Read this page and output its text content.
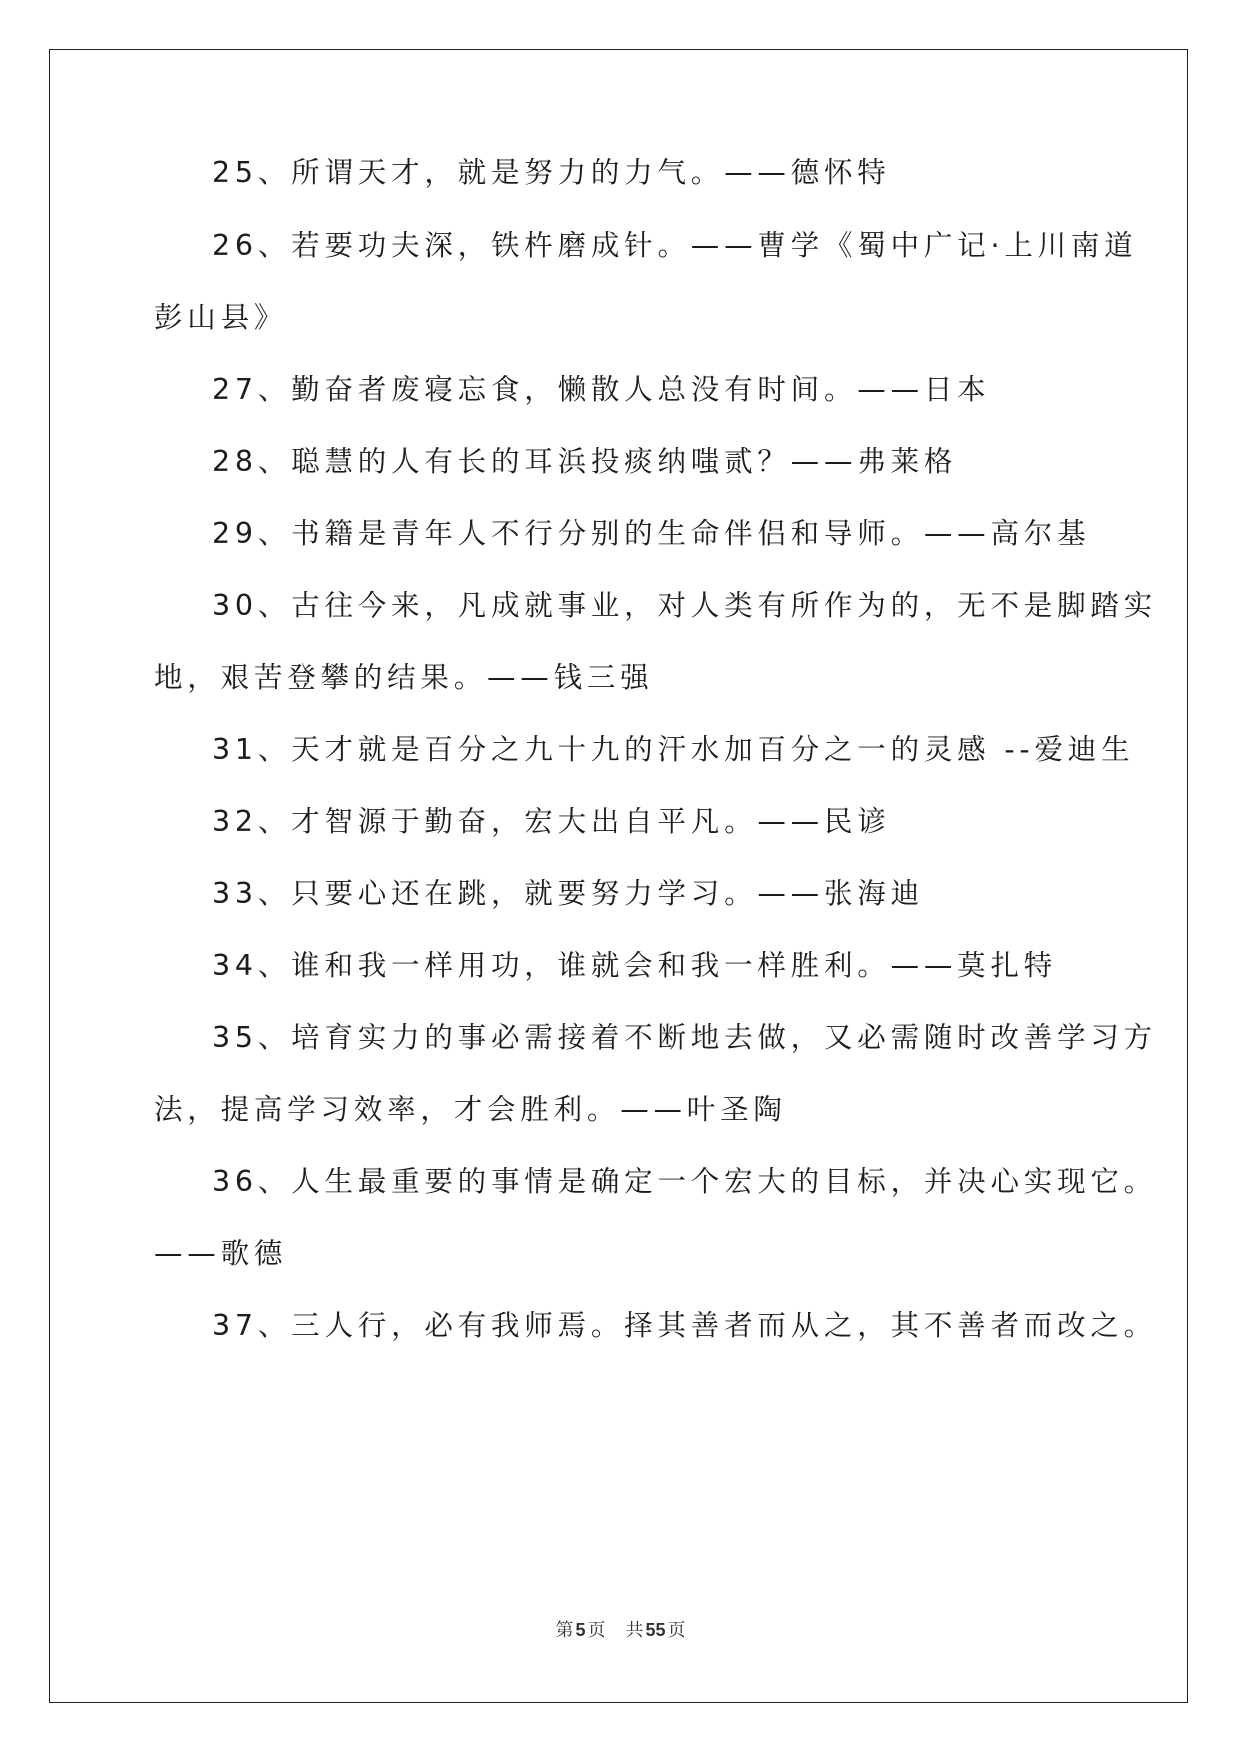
25、所谓天才，就是努力的力气。——德怀特
26、若要功夫深，铁杵磨成针。——曹学《蜀中广记·上川南道
彭山县》
27、勤奋者废寝忘食，懒散人总没有时间。——日本
28、聪慧的人有长的耳浜投痰纳嗤贰？——弗莱格
29、书籍是青年人不行分别的生命伴侣和导师。——高尔基
30、古往今来，凡成就事业，对人类有所作为的，无不是脚踏实
地，艰苦登攀的结果。——钱三强
31、天才就是百分之九十九的汗水加百分之一的灵感 --爱迪生
32、才智源于勤奋，宏大出自平凡。——民谚
33、只要心还在跳，就要努力学习。——张海迪
34、谁和我一样用功，谁就会和我一样胜利。——莫扎特
35、培育实力的事必需接着不断地去做，又必需随时改善学习方
法，提高学习效率，才会胜利。——叶圣陶
36、人生最重要的事情是确定一个宏大的目标，并决心实现它。
——歌德
37、三人行，必有我师焉。择其善者而从之，其不善者而改之。
第 5 页 共 55 页
